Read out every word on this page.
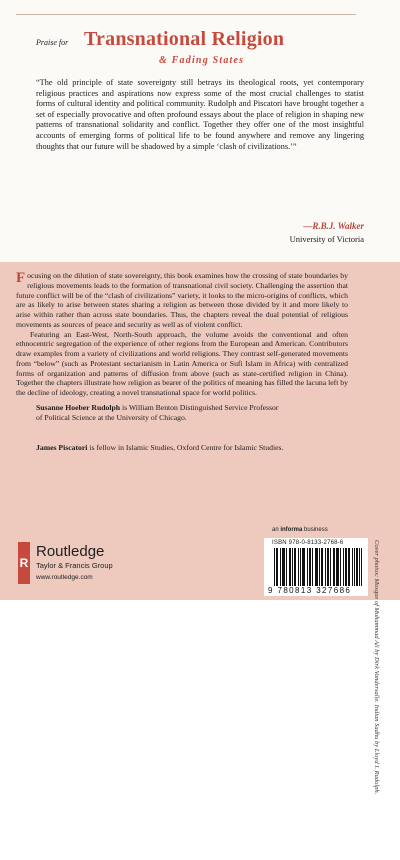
Praise for Transnational Religion
& Fading States
“The old principle of state sovereignty still betrays its theological roots, yet contemporary religious practices and aspirations now express some of the most crucial challenges to statist forms of cultural identity and political community. Rudolph and Piscatori have brought together a set of especially provocative and often profound essays about the place of religion in shaping new patterns of transnational solidarity and conflict. Together they offer one of the most insightful accounts of emerging forms of political life to be found anywhere and remove any lingering thoughts that our future will be shadowed by a simple ‘clash of civilizations.’”
—R.B.J. Walker
University of Victoria

Focusing on the dilution of state sovereignty, this book examines how the crossing of state boundaries by religious movements leads to the formation of transnational civil society. Challenging the assertion that future conflict will be of the “clash of civilizations” variety, it looks to the micro-origins of conflicts, which are as likely to arise between states sharing a religion as between those divided by it and more likely to arise within rather than across state boundaries. Thus, the chapters reveal the dual potential of religious movements as sources of peace and security as well as of violent conflict.

Featuring an East-West, North-South approach, the volume avoids the conventional and often ethnocentric segregation of the experience of other regions from the European and American. Contributors draw examples from a variety of civilizations and world religions. They contrast self-generated movements from “below” (such as Protestant sectarianism in Latin America or Sufi Islam in Africa) with centralized forms of organization and patterns of diffusion from above (such as state-certified religion in China). Together the chapters illustrate how religion as bearer of the politics of meaning has filled the lacuna left by the decline of ideology, creating a novel transnational space for world politics.

Susanne Hoeber Rudolph is William Benton Distinguished Service Professor of Political Science at the University of Chicago.
James Piscatori is fellow in Islamic Studies, Oxford Centre for Islamic Studies.
Cover photos: Mosque of Muhammad Ali by Dirk Vandersalle. Indian Sadhu by Lloyd I. Rudolph.
R
Routledge
Taylor & Francis Group
www.routledge.com
an informa business
ISBN 978-0-8133-2768-6
9 780813 327686
